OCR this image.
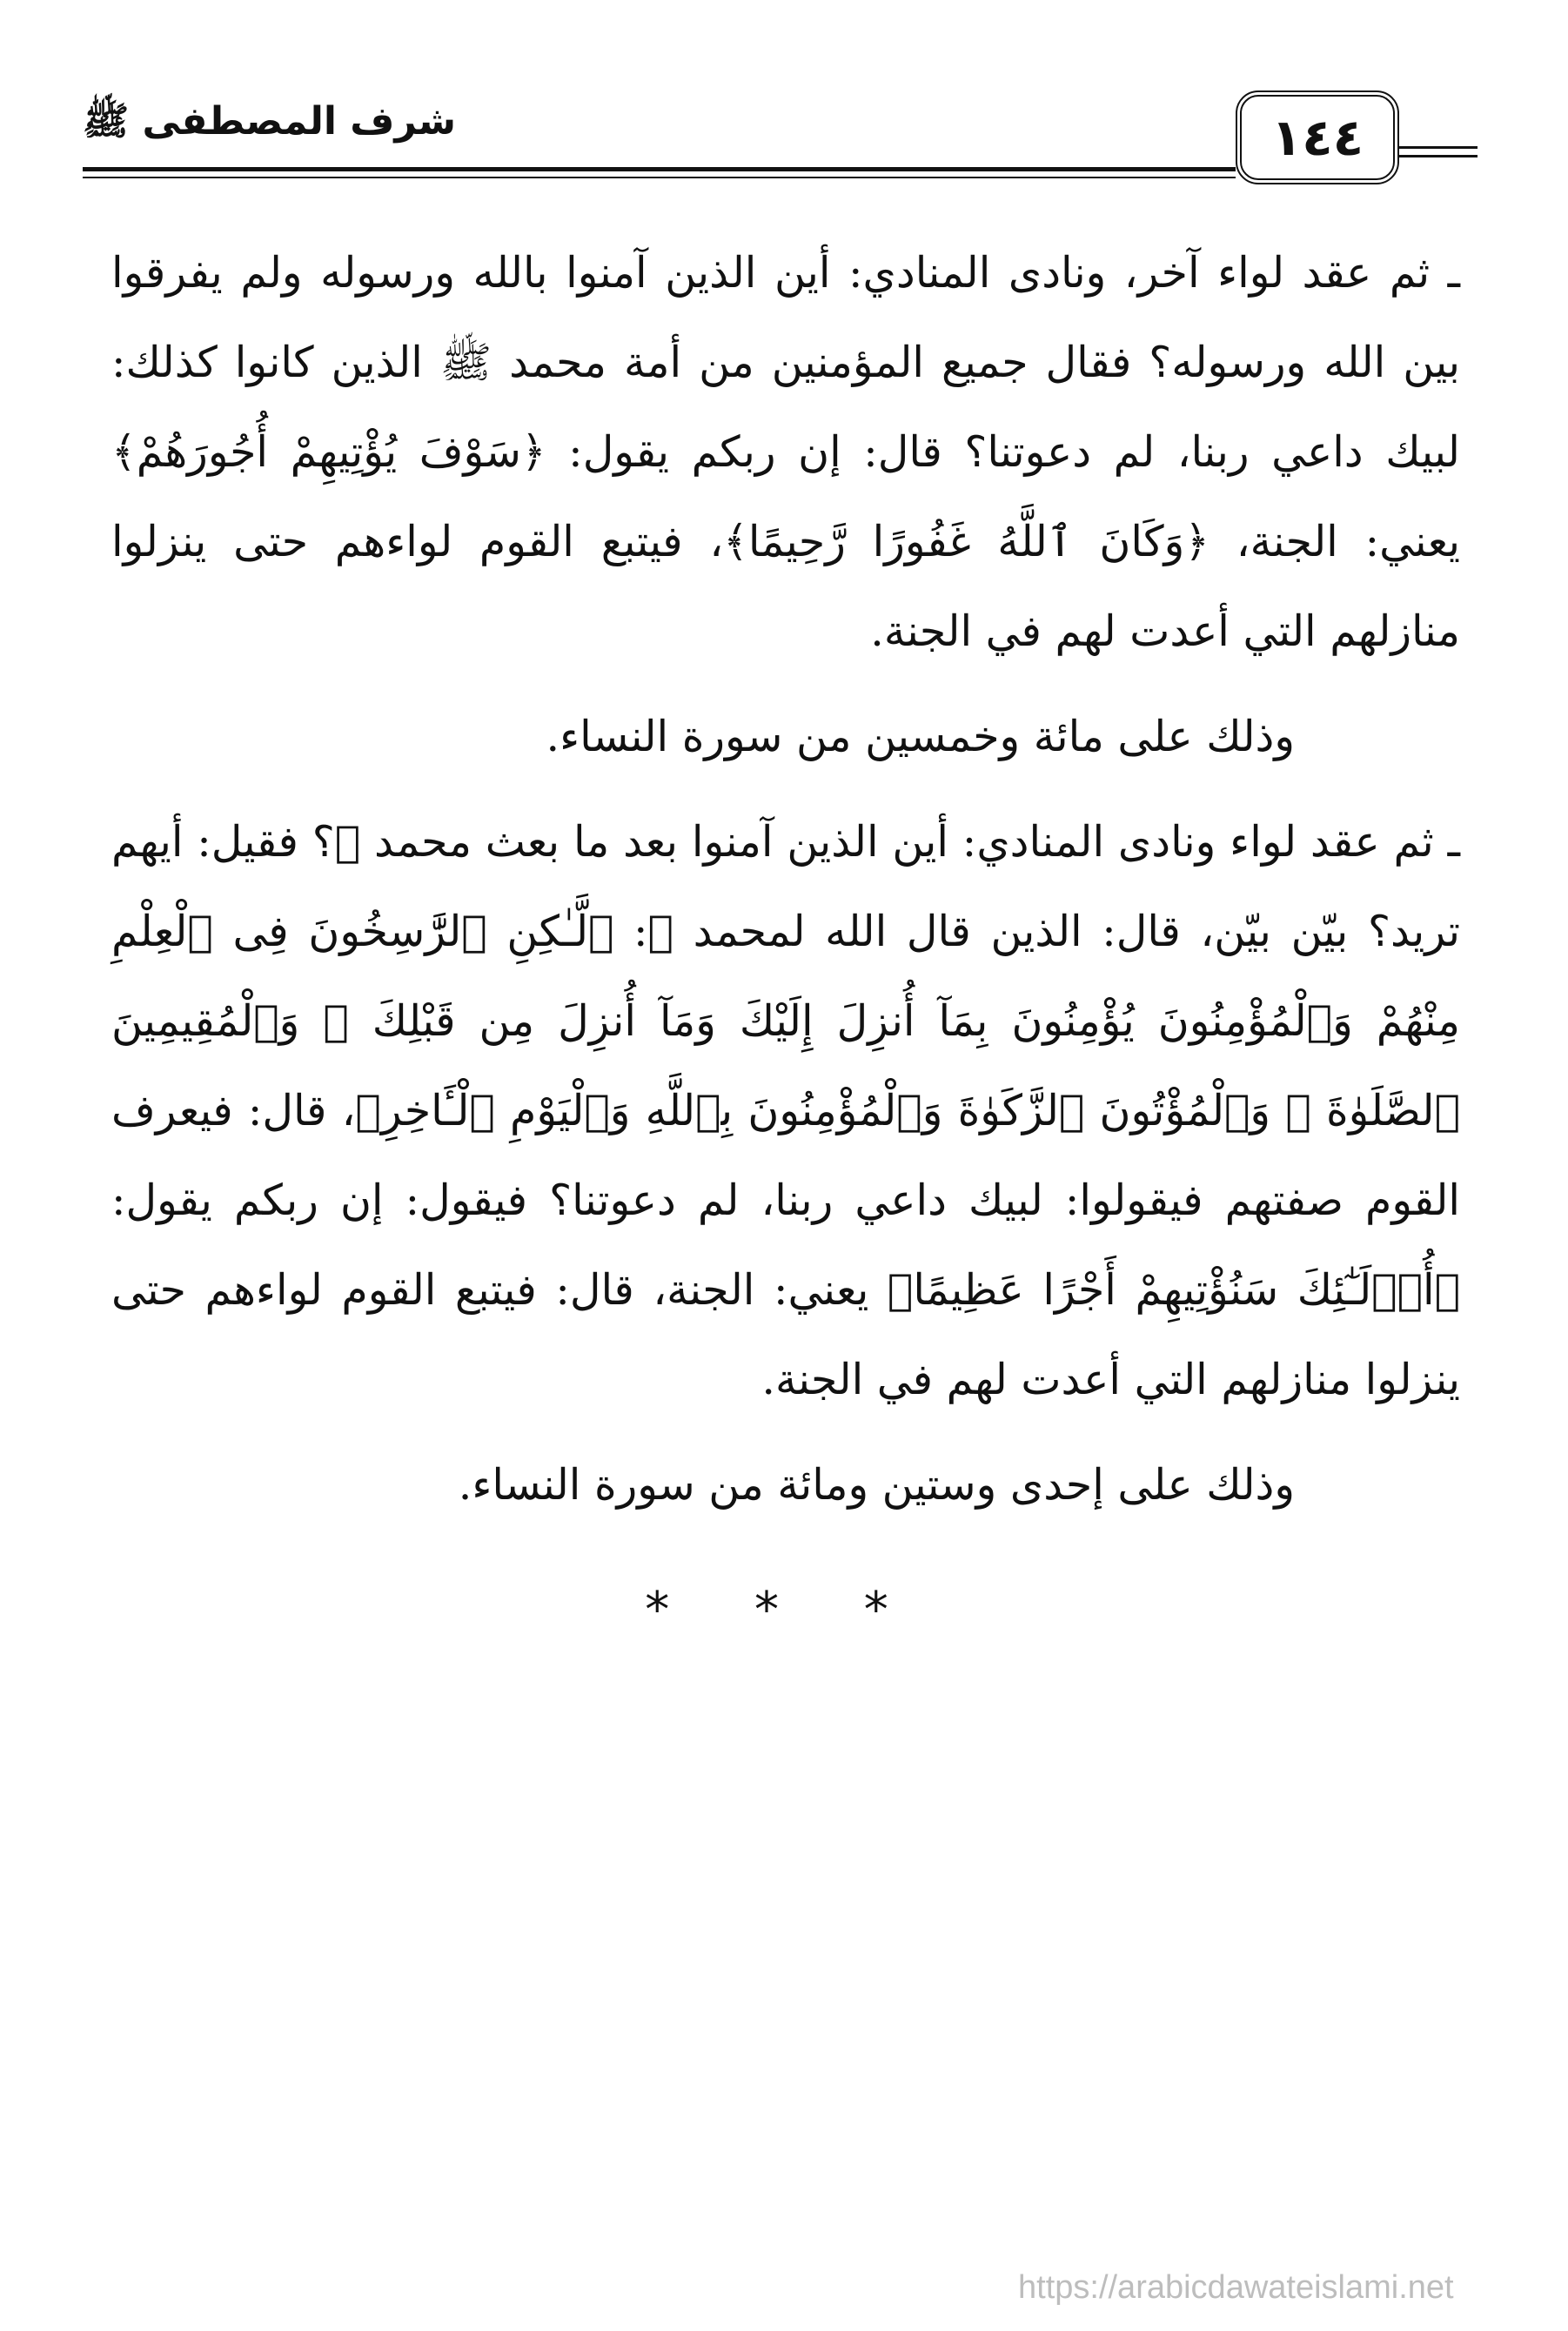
شرف المصطفى ﷺ	١٤٤

ـ ثم عقد لواء آخر، ونادى المنادي: أين الذين آمنوا بالله ورسوله ولم يفرقوا بين الله ورسوله؟ فقال جميع المؤمنين من أمة محمد ﷺ الذين كانوا كذلك: لبيك داعي ربنا، لم دعوتنا؟ قال: إن ربكم يقول: ﴿سَوْفَ يُؤْتِيهِمْ أُجُورَهُمْ﴾ يعني: الجنة، ﴿وَكَانَ ٱللَّهُ غَفُورًا رَّحِيمًا﴾، فيتبع القوم لواءهم حتى ينزلوا منازلهم التي أعدت لهم في الجنة.

وذلك على مائة وخمسين من سورة النساء.

ـ ثم عقد لواء ونادى المنادي: أين الذين آمنوا بعد ما بعث محمد ﷺ؟ فقيل: أيهم تريد؟ بيّن بيّن، قال: الذين قال الله لمحمد ﷺ: ﴿لَّـٰكِنِ ٱلرَّٰسِخُونَ فِى ٱلْعِلْمِ مِنْهُمْ وَٱلْمُؤْمِنُونَ يُؤْمِنُونَ بِمَآ أُنزِلَ إِلَيْكَ وَمَآ أُنزِلَ مِن قَبْلِكَ ۚ وَٱلْمُقِيمِينَ ٱلصَّلَوٰةَ ۚ وَٱلْمُؤْتُونَ ٱلزَّكَوٰةَ وَٱلْمُؤْمِنُونَ بِٱللَّهِ وَٱلْيَوْمِ ٱلْـَٔاخِرِ﴾، قال: فيعرف القوم صفتهم فيقولوا: لبيك داعي ربنا، لم دعوتنا؟ فيقول: إن ربكم يقول: ﴿أُو۟لَـٰٓئِكَ سَنُؤْتِيهِمْ أَجْرًا عَظِيمًا﴾ يعني: الجنة، قال: فيتبع القوم لواءهم حتى ينزلوا منازلهم التي أعدت لهم في الجنة.

وذلك على إحدى وستين ومائة من سورة النساء.

* * *
https://arabicdawateislami.net
